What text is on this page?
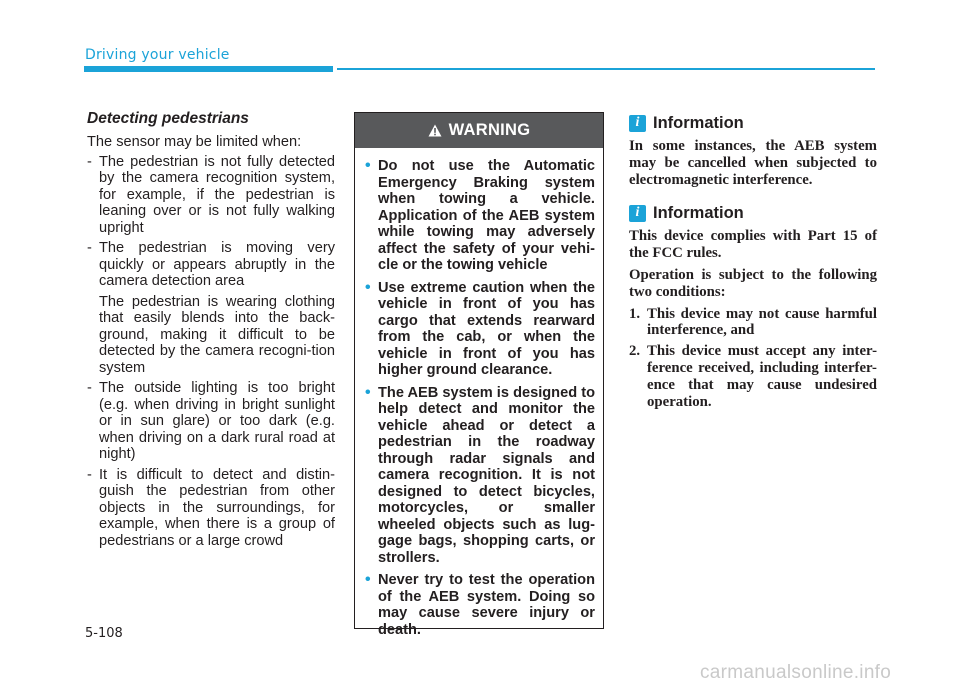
Driving your vehicle
Detecting pedestrians

The sensor may be limited when:

- The pedestrian is not fully detected by the camera recognition system, for example, if the pedestrian is leaning over or is not fully walking upright

- The pedestrian is moving very quickly or appears abruptly in the camera detection area

The pedestrian is wearing clothing that easily blends into the back-ground, making it difficult to be detected by the camera recogni-tion system

- The outside lighting is too bright (e.g. when driving in bright sunlight or in sun glare) or too dark (e.g. when driving on a dark rural road at night)

- It is difficult to detect and distin-guish the pedestrian from other objects in the surroundings, for example, when there is a group of pedestrians or a large crowd

WARNING
• Do not use the Automatic Emergency Braking system when towing a vehicle. Application of the AEB system while towing may adversely affect the safety of your vehi-cle or the towing vehicle
• Use extreme caution when the vehicle in front of you has cargo that extends rearward from the cab, or when the vehicle in front of you has higher ground clearance.
• The AEB system is designed to help detect and monitor the vehicle ahead or detect a pedestrian in the roadway through radar signals and camera recognition. It is not designed to detect bicycles, motorcycles, or smaller wheeled objects such as lug-gage bags, shopping carts, or strollers.
• Never try to test the operation of the AEB system. Doing so may cause severe injury or death.
i Information

In some instances, the AEB system may be cancelled when subjected to electromagnetic interference.

i Information

This device complies with Part 15 of the FCC rules.

Operation is subject to the following two conditions:

1. This device may not cause harmful interference, and
2. This device must accept any inter-ference received, including interfer-ence that may cause undesired operation.
5-108
carmanualsonline.info
